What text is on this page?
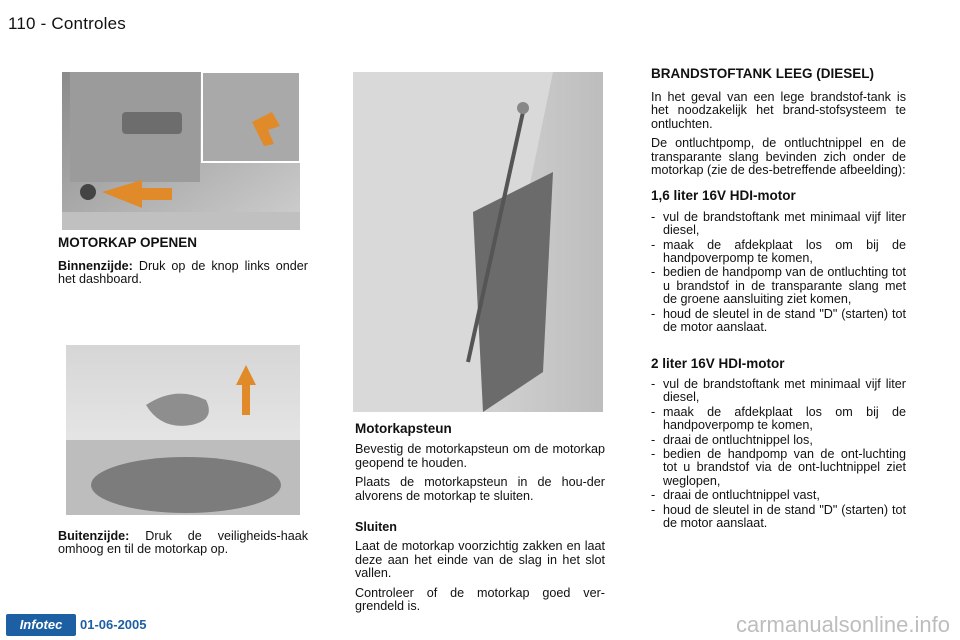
110 - Controles
MOTORKAP OPENEN

Binnenzijde: Druk op de knop links onder het dashboard.

Buitenzijde: Druk de veiligheids-haak omhoog en til de motorkap op.

Motorkapsteun

Bevestig de motorkapsteun om de motorkap geopend te houden.

Plaats de motorkapsteun in de hou-der alvorens de motorkap te sluiten.

Sluiten

Laat de motorkap voorzichtig zakken en laat deze aan het einde van de slag in het slot vallen.

Controleer of de motorkap goed ver-grendeld is.

BRANDSTOFTANK LEEG (DIESEL)

In het geval van een lege brandstof-tank is het noodzakelijk het brand-stofsysteem te ontluchten.

De ontluchtpomp, de ontluchtnippel en de transparante slang bevinden zich onder de motorkap (zie de des-betreffende afbeelding):

1,6 liter 16V HDI-motor
- vul de brandstoftank met minimaal vijf liter diesel,
- maak de afdekplaat los om bij de handpoverpomp te komen,
- bedien de handpomp van de ontluchting tot u brandstof in de transparante slang met de groene aansluiting ziet komen,
- houd de sleutel in de stand "D" (starten) tot de motor aanslaat.
2 liter 16V HDI-motor
- vul de brandstoftank met minimaal vijf liter diesel,
- maak de afdekplaat los om bij de handpoverpomp te komen,
- draai de ontluchtnippel los,
- bedien de handpomp van de ont-luchting tot u brandstof via de ont-luchtnippel ziet weglopen,
- draai de ontluchtnippel vast,
- houd de sleutel in de stand "D" (starten) tot de motor aanslaat.
Infotec	01-06-2005	carmanualsonline.info
